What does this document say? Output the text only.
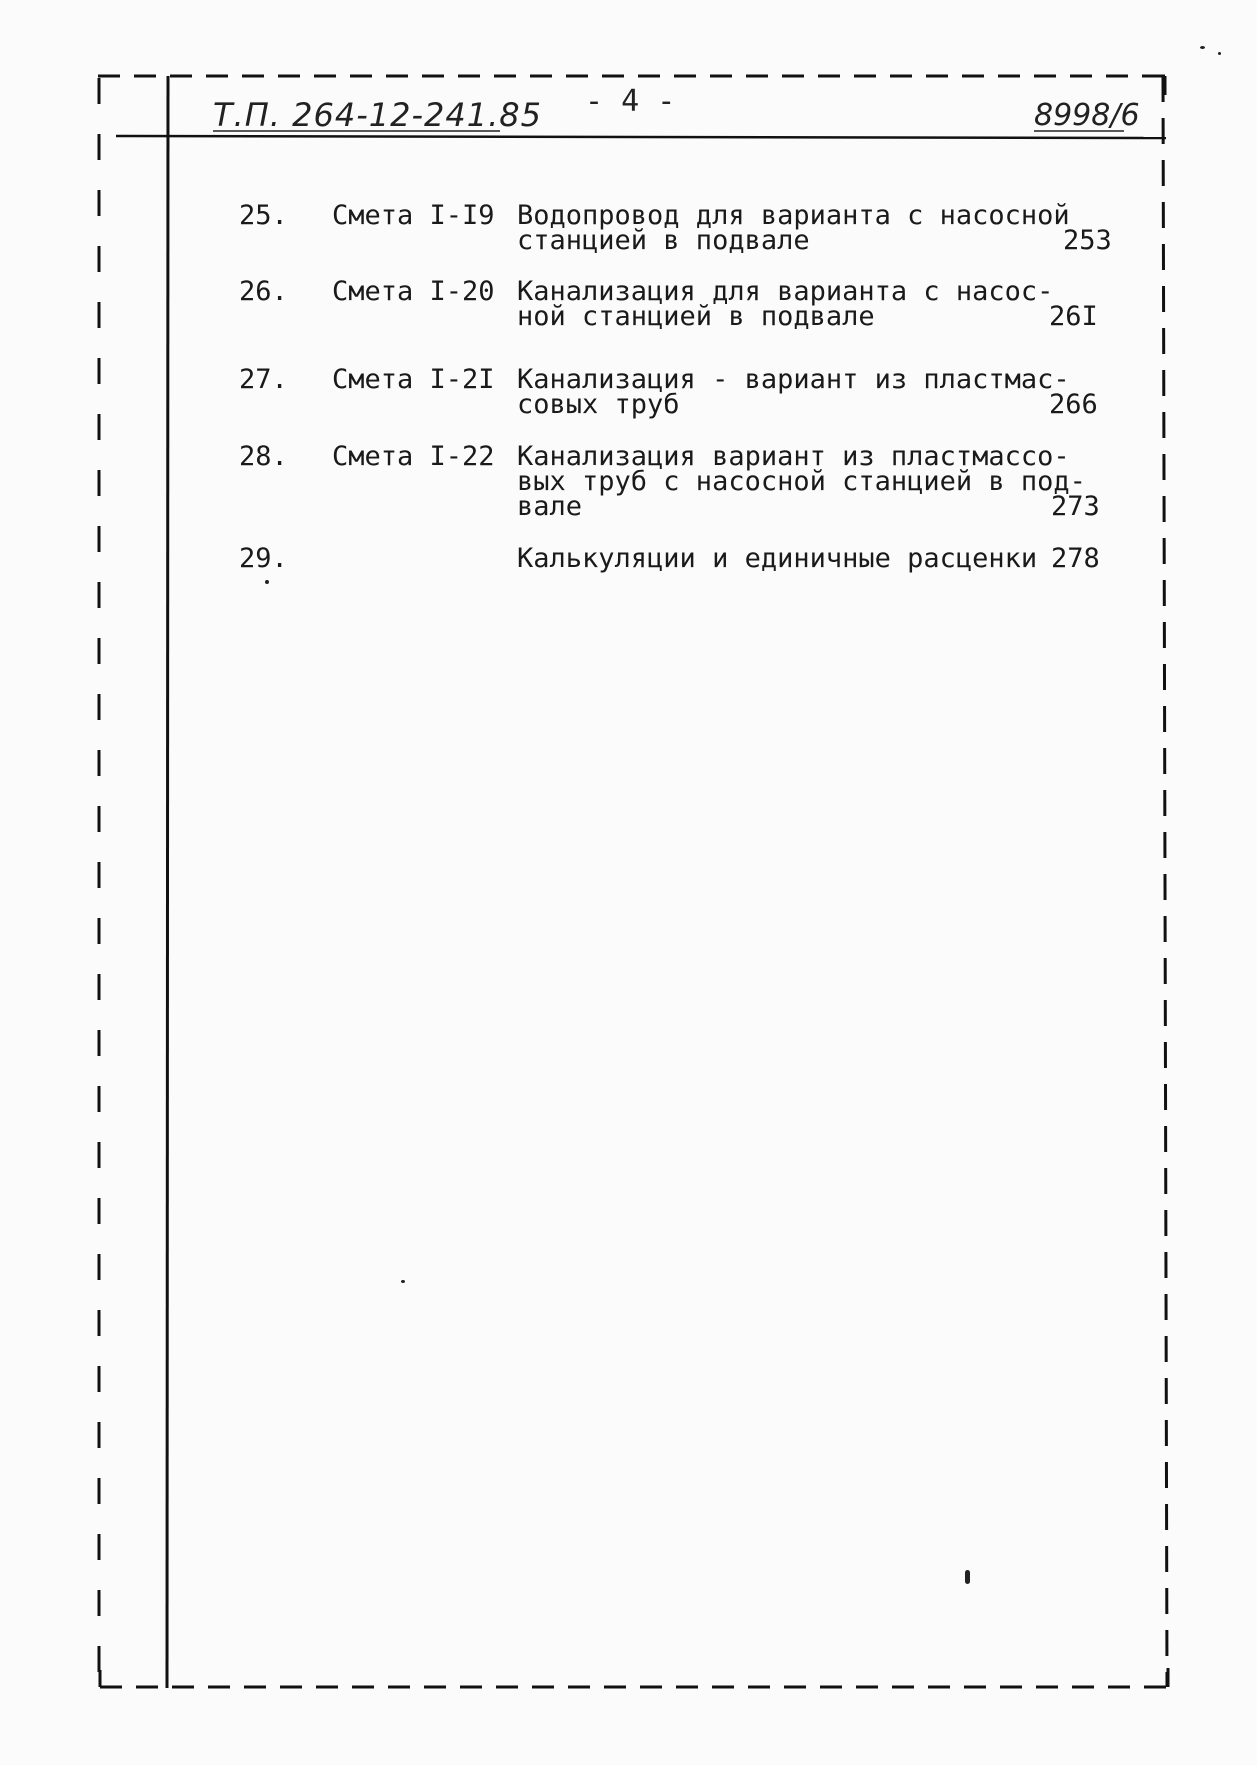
Т.П. 264-12-241.85 - 4 -	8998/6
25. Смета I-I9 Водопровод для варианта с насосной
станцией в подвале	253
26. Смета I-20 Канализация для варианта с насос-
ной станцией в подвале	26I
27. Смета I-2I Канализация - вариант из пластмас-
совых труб	266
28. Смета I-22 Канализация вариант из пластмассо-
вых труб с насосной станцией в под-
вале	273
29.	Калькуляции и единичные расценки 278
